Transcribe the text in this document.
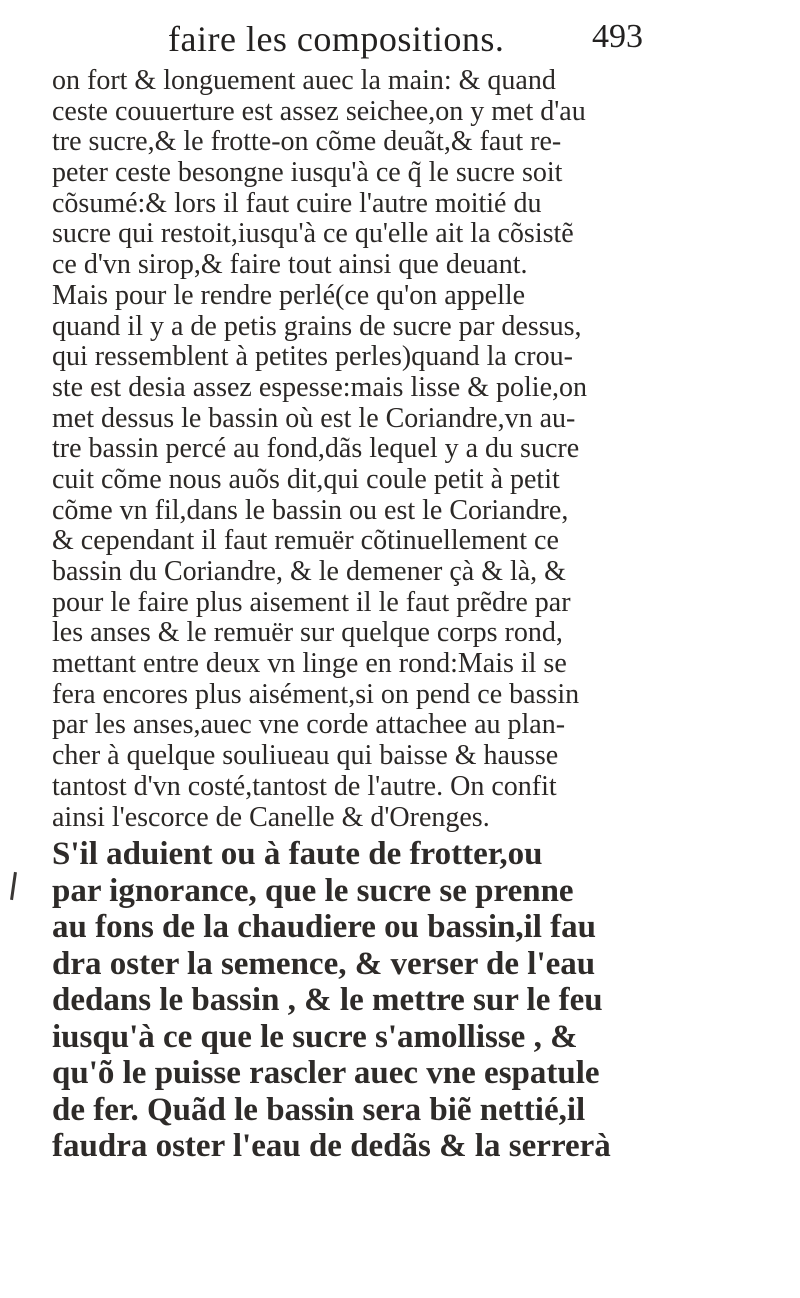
faire les compositions.	493
on fort & longuement auec la main: & quand
ceste couuerture est assez seichee,on y met d'au
tre sucre,& le frotte-on cõme deuãt,& faut re-
peter ceste besongne iusqu'à ce q̃ le sucre soit
cõsumé:& lors il faut cuire l'autre moitié du
sucre qui restoit,iusqu'à ce qu'elle ait la cõsistẽ
ce d'vn sirop,& faire tout ainsi que deuant.
Mais pour le rendre perlé(ce qu'on appelle
quand il y a de petis grains de sucre par dessus,
qui ressemblent à petites perles)quand la crou-
ste est desia assez espesse:mais lisse & polie,on
met dessus le bassin où est le Coriandre,vn au-
tre bassin percé au fond,dãs lequel y a du sucre
cuit cõme nous auõs dit,qui coule petit à petit
cõme vn fil,dans le bassin ou est le Coriandre,
& cependant il faut remuër cõtinuellement ce
bassin du Coriandre, & le demener çà & là, &
pour le faire plus aisement il le faut prẽdre par
les anses & le remuër sur quelque corps rond,
mettant entre deux vn linge en rond:Mais il se
fera encores plus aisément,si on pend ce bassin
par les anses,auec vne corde attachee au plan-
cher à quelque souliueau qui baisse & hausse
tantost d'vn costé,tantost de l'autre. On confit
ainsi l'escorce de Canelle & d'Orenges.
S'il aduient ou à faute de frotter,ou
par ignorance, que le sucre se prenne
au fons de la chaudiere ou bassin,il fau
dra oster la semence, & verser de l'eau
dedans le bassin , & le mettre sur le feu
iusqu'à ce que le sucre s'amollisse , &
qu'õ le puisse rascler auec vne espatule
de fer. Quãd le bassin sera biẽ nettié,il
faudra oster l'eau de dedãs & la serrerà
